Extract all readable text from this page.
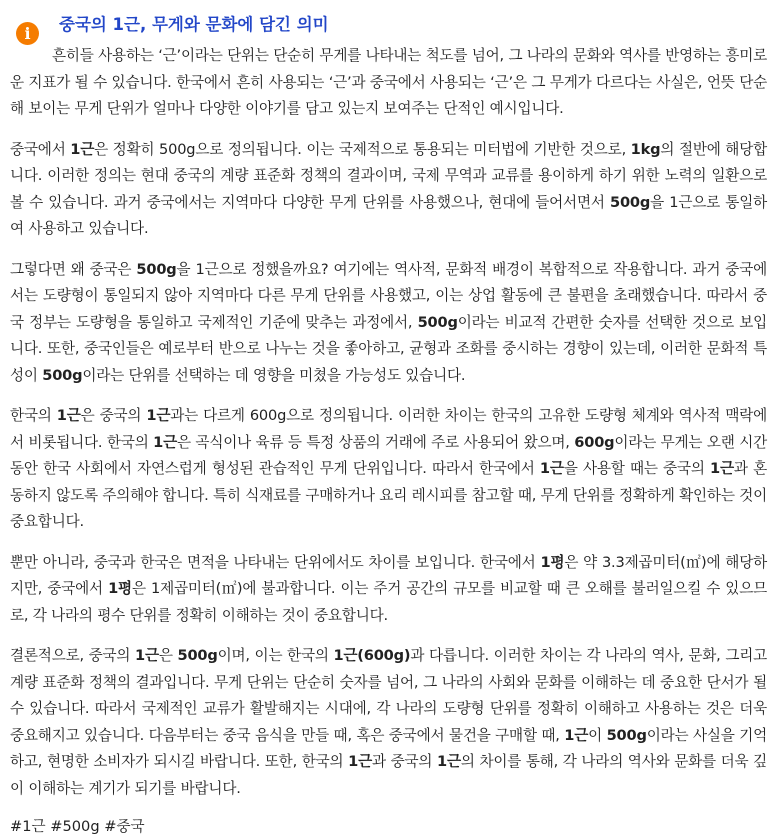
i	중국의 1근, 무게와 문화에 담긴 의미

흔히들 사용하는 ‘근’이라는 단위는 단순히 무게를 나타내는 척도를 넘어, 그 나라의 문화와 역사를 반영하는 흥미로운 지표가 될 수 있습니다. 한국에서 흔히 사용되는 ‘근’과 중국에서 사용되는 ‘근’은 그 무게가 다르다는 사실은, 언뜻 단순해 보이는 무게 단위가 얼마나 다양한 이야기를 담고 있는지 보여주는 단적인 예시입니다.

중국에서 1근은 정확히 500g으로 정의됩니다. 이는 국제적으로 통용되는 미터법에 기반한 것으로, 1kg의 절반에 해당합니다. 이러한 정의는 현대 중국의 계량 표준화 정책의 결과이며, 국제 무역과 교류를 용이하게 하기 위한 노력의 일환으로 볼 수 있습니다. 과거 중국에서는 지역마다 다양한 무게 단위를 사용했으나, 현대에 들어서면서 500g을 1근으로 통일하여 사용하고 있습니다.

그렇다면 왜 중국은 500g을 1근으로 정했을까요? 여기에는 역사적, 문화적 배경이 복합적으로 작용합니다. 과거 중국에서는 도량형이 통일되지 않아 지역마다 다른 무게 단위를 사용했고, 이는 상업 활동에 큰 불편을 초래했습니다. 따라서 중국 정부는 도량형을 통일하고 국제적인 기준에 맞추는 과정에서, 500g이라는 비교적 간편한 숫자를 선택한 것으로 보입니다. 또한, 중국인들은 예로부터 반으로 나누는 것을 좋아하고, 균형과 조화를 중시하는 경향이 있는데, 이러한 문화적 특성이 500g이라는 단위를 선택하는 데 영향을 미쳤을 가능성도 있습니다.

한국의 1근은 중국의 1근과는 다르게 600g으로 정의됩니다. 이러한 차이는 한국의 고유한 도량형 체계와 역사적 맥락에서 비롯됩니다. 한국의 1근은 곡식이나 육류 등 특정 상품의 거래에 주로 사용되어 왔으며, 600g이라는 무게는 오랜 시간 동안 한국 사회에서 자연스럽게 형성된 관습적인 무게 단위입니다. 따라서 한국에서 1근을 사용할 때는 중국의 1근과 혼동하지 않도록 주의해야 합니다. 특히 식재료를 구매하거나 요리 레시피를 참고할 때, 무게 단위를 정확하게 확인하는 것이 중요합니다.

뿐만 아니라, 중국과 한국은 면적을 나타내는 단위에서도 차이를 보입니다. 한국에서 1평은 약 3.3제곱미터(㎡)에 해당하지만, 중국에서 1평은 1제곱미터(㎡)에 불과합니다. 이는 주거 공간의 규모를 비교할 때 큰 오해를 불러일으킬 수 있으므로, 각 나라의 평수 단위를 정확히 이해하는 것이 중요합니다.

결론적으로, 중국의 1근은 500g이며, 이는 한국의 1근(600g)과 다릅니다. 이러한 차이는 각 나라의 역사, 문화, 그리고 계량 표준화 정책의 결과입니다. 무게 단위는 단순히 숫자를 넘어, 그 나라의 사회와 문화를 이해하는 데 중요한 단서가 될 수 있습니다. 따라서 국제적인 교류가 활발해지는 시대에, 각 나라의 도량형 단위를 정확히 이해하고 사용하는 것은 더욱 중요해지고 있습니다. 다음부터는 중국 음식을 만들 때, 혹은 중국에서 물건을 구매할 때, 1근이 500g이라는 사실을 기억하고, 현명한 소비자가 되시길 바랍니다. 또한, 한국의 1근과 중국의 1근의 차이를 통해, 각 나라의 역사와 문화를 더욱 깊이 이해하는 계기가 되기를 바랍니다.

#1근 #500g #중국
